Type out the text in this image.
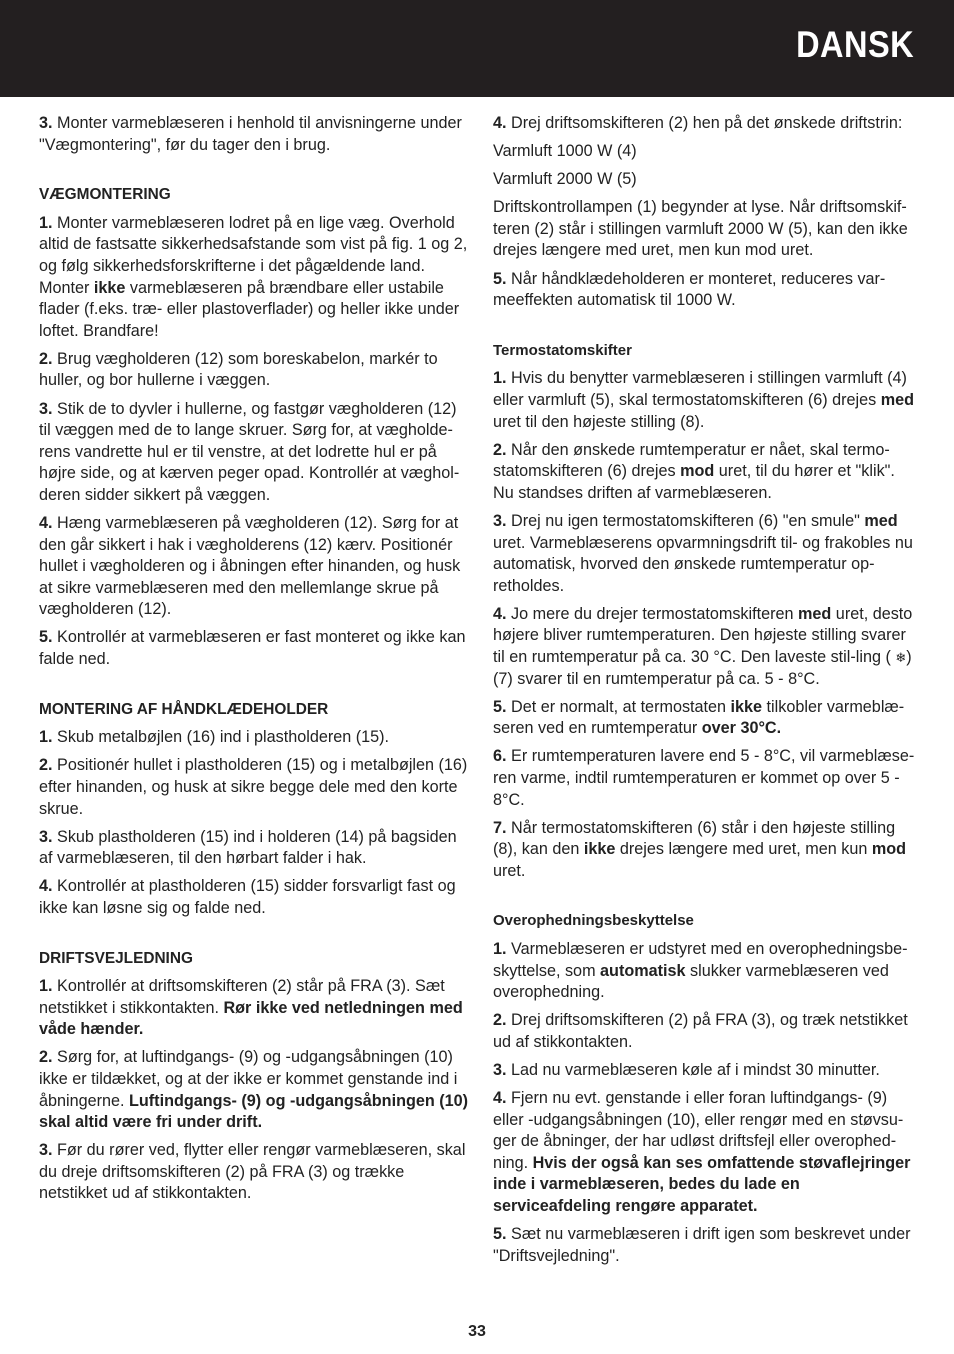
DANSK

3. Monter varmeblæseren i henhold til anvisningerne under "Vægmontering", før du tager den i brug.

VÆGMONTERING

1. Monter varmeblæseren lodret på en lige væg. Overhold altid de fastsatte sikkerhedsafstande som vist på fig. 1 og 2, og følg sikkerhedsforskrifterne i det pågældende land. Monter ikke varmeblæseren på brændbare eller ustabile flader (f.eks. træ- eller plastoverflader) og heller ikke under loftet. Brandfare!

2. Brug vægholderen (12) som boreskabelon, markér to huller, og bor hullerne i væggen.

3. Stik de to dyvler i hullerne, og fastgør vægholderen (12) til væggen med de to lange skruer. Sørg for, at vægholde-rens vandrette hul er til venstre, at det lodrette hul er på højre side, og at kærven peger opad. Kontrollér at væghol-deren sidder sikkert på væggen.

4. Hæng varmeblæseren på vægholderen (12). Sørg for at den går sikkert i hak i vægholderens (12) kærv. Positionér hullet i vægholderen og i åbningen efter hinanden, og husk at sikre varmeblæseren med den mellemlange skrue på vægholderen (12).

5. Kontrollér at varmeblæseren er fast monteret og ikke kan falde ned.

MONTERING AF HÅNDKLÆDEHOLDER

1. Skub metalbøjlen (16) ind i plastholderen (15).

2. Positionér hullet i plastholderen (15) og i metalbøjlen (16) efter hinanden, og husk at sikre begge dele med den korte skrue.

3. Skub plastholderen (15) ind i holderen (14) på bagsiden af varmeblæseren, til den hørbart falder i hak.

4. Kontrollér at plastholderen (15) sidder forsvarligt fast og ikke kan løsne sig og falde ned.

DRIFTSVEJLEDNING

1. Kontrollér at driftsomskifteren (2) står på FRA (3). Sæt netstikket i stikkontakten. Rør ikke ved netledningen med våde hænder.

2. Sørg for, at luftindgangs- (9) og -udgangsåbningen (10) ikke er tildækket, og at der ikke er kommet genstande ind i åbningerne. Luftindgangs- (9) og -udgangsåbningen (10) skal altid være fri under drift.

3. Før du rører ved, flytter eller rengør varmeblæseren, skal du dreje driftsomskifteren (2) på FRA (3) og trække netstikket ud af stikkontakten.

4. Drej driftsomskifteren (2) hen på det ønskede driftstrin:

Varmluft 1000 W (4)

Varmluft 2000 W (5)

Driftskontrollampen (1) begynder at lyse. Når driftsomskif-teren (2) står i stillingen varmluft 2000 W (5), kan den ikke drejes længere med uret, men kun mod uret.

5. Når håndklædeholderen er monteret, reduceres var-meeffekten automatisk til 1000 W.

Termostatomskifter

1. Hvis du benytter varmeblæseren i stillingen varmluft (4) eller varmluft (5), skal termostatomskifteren (6) drejes med uret til den højeste stilling (8).

2. Når den ønskede rumtemperatur er nået, skal termo-statomskifteren (6) drejes mod uret, til du hører et "klik". Nu standses driften af varmeblæseren.

3. Drej nu igen termostatomskifteren (6) "en smule" med uret. Varmeblæserens opvarmningsdrift til- og frakobles nu automatisk, hvorved den ønskede rumtemperatur op-retholdes.

4. Jo mere du drejer termostatomskifteren med uret, desto højere bliver rumtemperaturen. Den højeste stilling svarer til en rumtemperatur på ca. 30 °C. Den laveste stil-ling ( ❄) (7) svarer til en rumtemperatur på ca. 5 - 8°C.

5. Det er normalt, at termostaten ikke tilkobler varmeblæ-seren ved en rumtemperatur over 30°C.

6. Er rumtemperaturen lavere end 5 - 8°C, vil varmeblæse-ren varme, indtil rumtemperaturen er kommet op over 5 - 8°C.

7. Når termostatomskifteren (6) står i den højeste stilling (8), kan den ikke drejes længere med uret, men kun mod uret.

Overophedningsbeskyttelse

1. Varmeblæseren er udstyret med en overophedningsbe-skyttelse, som automatisk slukker varmeblæseren ved overophedning.

2. Drej driftsomskifteren (2) på FRA (3), og træk netstikket ud af stikkontakten.

3. Lad nu varmeblæseren køle af i mindst 30 minutter.

4. Fjern nu evt. genstande i eller foran luftindgangs- (9) eller -udgangsåbningen (10), eller rengør med en støvsu-ger de åbninger, der har udløst driftsfejl eller overophed-ning. Hvis der også kan ses omfattende støvaflejringer inde i varmeblæseren, bedes du lade en serviceafdeling rengøre apparatet.

5. Sæt nu varmeblæseren i drift igen som beskrevet under "Driftsvejledning".

33
